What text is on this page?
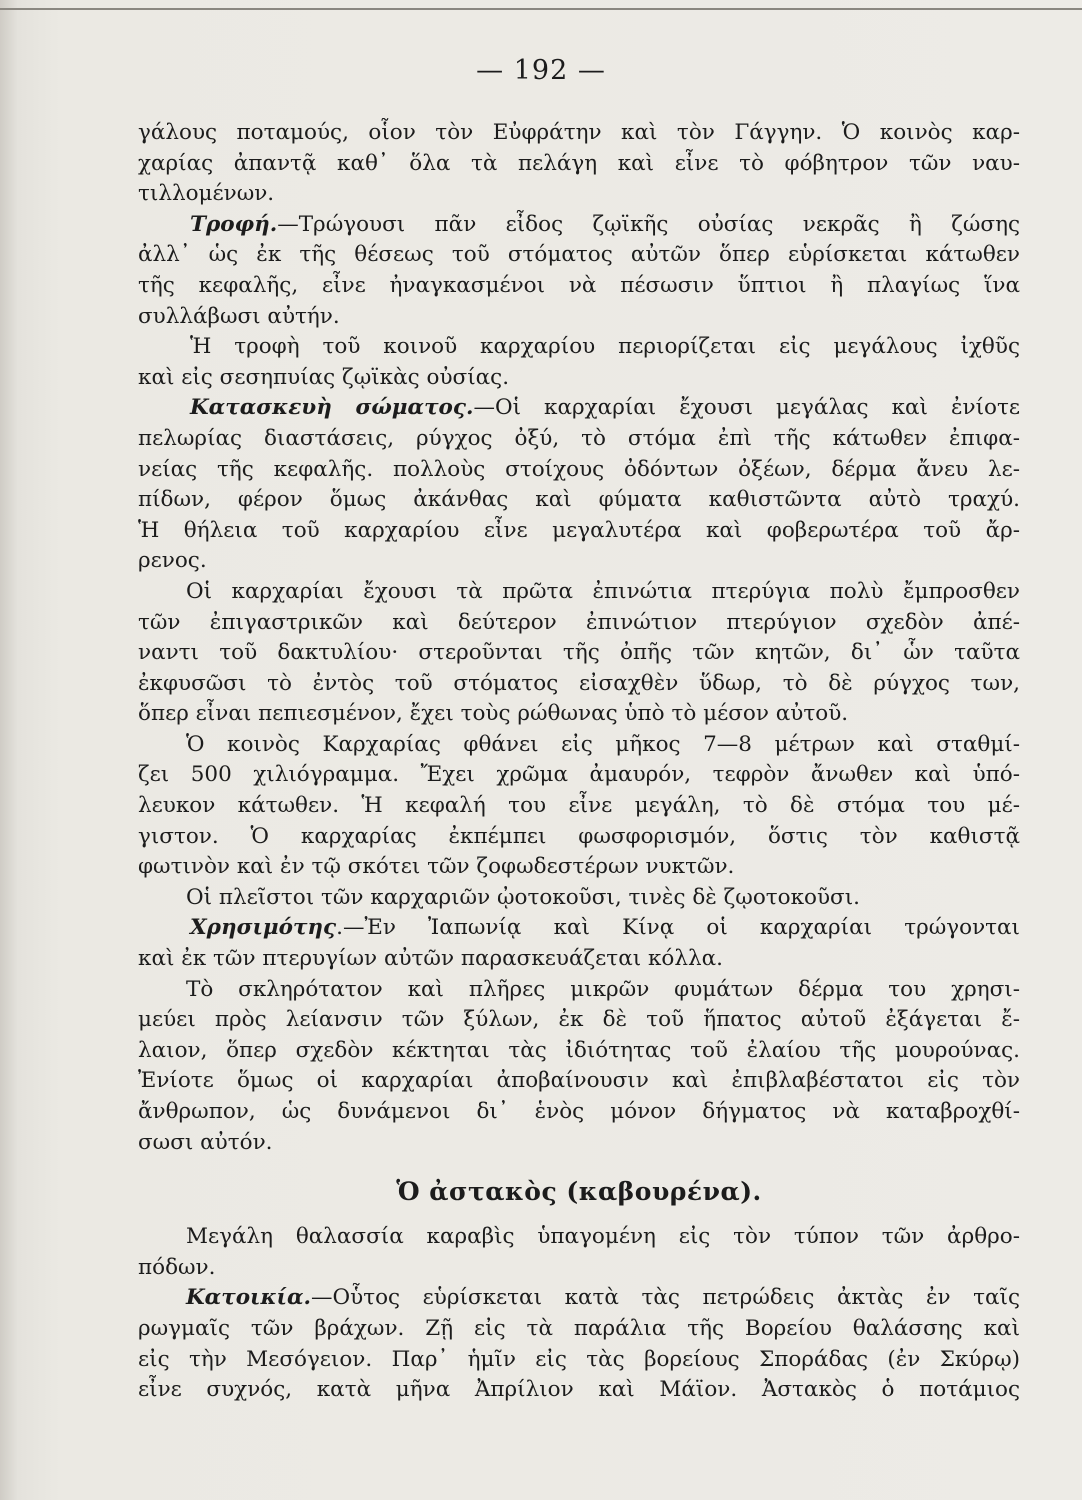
— 192 —
γάλους ποταμούς, οἷον τὸν Εὐφράτην καὶ τὸν Γάγγην. Ὁ κοινὸς καρ-
χαρίας ἀπαντᾷ καθ᾽ ὅλα τὰ πελάγη καὶ εἶνε τὸ φόβητρον τῶν ναυ-
τιλλομένων.
Τροφή.—Τρώγουσι πᾶν εἶδος ζῳϊκῆς οὐσίας νεκρᾶς ἢ ζώσης
ἀλλ᾽ ὡς ἐκ τῆς θέσεως τοῦ στόματος αὐτῶν ὅπερ εὑρίσκεται κάτωθεν
τῆς κεφαλῆς, εἶνε ἠναγκασμένοι νὰ πέσωσιν ὕπτιοι ἢ πλαγίως ἵνα
συλλάβωσι αὐτήν.
Ἡ τροφὴ τοῦ κοινοῦ καρχαρίου περιορίζεται εἰς μεγάλους ἰχθῦς
καὶ εἰς σεσηπυίας ζῳϊκὰς οὐσίας.
Κατασκευὴ σώματος.—Οἱ καρχαρίαι ἔχουσι μεγάλας καὶ ἐνίοτε
πελωρίας διαστάσεις, ρύγχος ὀξύ, τὸ στόμα ἐπὶ τῆς κάτωθεν ἐπιφα-
νείας τῆς κεφαλῆς. πολλοὺς στοίχους ὀδόντων ὀξέων, δέρμα ἄνευ λε-
πίδων, φέρον ὅμως ἀκάνθας καὶ φύματα καθιστῶντα αὐτὸ τραχύ.
Ἡ θήλεια τοῦ καρχαρίου εἶνε μεγαλυτέρα καὶ φοβερωτέρα τοῦ ἄρ-
ρενος.
Οἱ καρχαρίαι ἔχουσι τὰ πρῶτα ἐπινώτια πτερύγια πολὺ ἔμπροσθεν
τῶν ἐπιγαστρικῶν καὶ δεύτερον ἐπινώτιον πτερύγιον σχεδὸν ἀπέ-
ναντι τοῦ δακτυλίου· στεροῦνται τῆς ὀπῆς τῶν κητῶν, δι᾽ ὧν ταῦτα
ἐκφυσῶσι τὸ ἐντὸς τοῦ στόματος εἰσαχθὲν ὕδωρ, τὸ δὲ ρύγχος των,
ὅπερ εἶναι πεπιεσμένον, ἔχει τοὺς ρώθωνας ὑπὸ τὸ μέσον αὐτοῦ.
Ὁ κοινὸς Καρχαρίας φθάνει εἰς μῆκος 7—8 μέτρων καὶ σταθμί-
ζει 500 χιλιόγραμμα. Ἔχει χρῶμα ἀμαυρόν, τεφρὸν ἄνωθεν καὶ ὑπό-
λευκον κάτωθεν. Ἡ κεφαλή του εἶνε μεγάλη, τὸ δὲ στόμα του μέ-
γιστον. Ὁ καρχαρίας ἐκπέμπει φωσφορισμόν, ὅστις τὸν καθιστᾷ
φωτινὸν καὶ ἐν τῷ σκότει τῶν ζοφωδεστέρων νυκτῶν.
Οἱ πλεῖστοι τῶν καρχαριῶν ᾠοτοκοῦσι, τινὲς δὲ ζῳοτοκοῦσι.
Χρησιμότης.—Ἐν Ἰαπωνίᾳ καὶ Κίνᾳ οἱ καρχαρίαι τρώγονται
καὶ ἐκ τῶν πτερυγίων αὐτῶν παρασκευάζεται κόλλα.
Τὸ σκληρότατον καὶ πλῆρες μικρῶν φυμάτων δέρμα του χρησι-
μεύει πρὸς λείανσιν τῶν ξύλων, ἐκ δὲ τοῦ ἥπατος αὐτοῦ ἐξάγεται ἔ-
λαιον, ὅπερ σχεδὸν κέκτηται τὰς ἰδιότητας τοῦ ἐλαίου τῆς μουρούνας.
Ἐνίοτε ὅμως οἱ καρχαρίαι ἀποβαίνουσιν καὶ ἐπιβλαβέστατοι εἰς τὸν
ἄνθρωπον, ὡς δυνάμενοι δι᾽ ἑνὸς μόνον δήγματος νὰ καταβροχθί-
σωσι αὐτόν.
Ὁ ἀστακὸς (καβουρένα).
Μεγάλη θαλασσία καραβὶς ὑπαγομένη εἰς τὸν τύπον τῶν ἀρθρο-
πόδων.
Κατοικία.—Οὗτος εὑρίσκεται κατὰ τὰς πετρώδεις ἀκτὰς ἐν ταῖς
ρωγμαῖς τῶν βράχων. Ζῇ εἰς τὰ παράλια τῆς Βορείου θαλάσσης καὶ
εἰς τὴν Μεσόγειον. Παρ᾽ ἡμῖν εἰς τὰς βορείους Σποράδας (ἐν Σκύρῳ)
εἶνε συχνός, κατὰ μῆνα Ἀπρίλιον καὶ Μάϊον. Ἀστακὸς ὁ ποτάμιος
